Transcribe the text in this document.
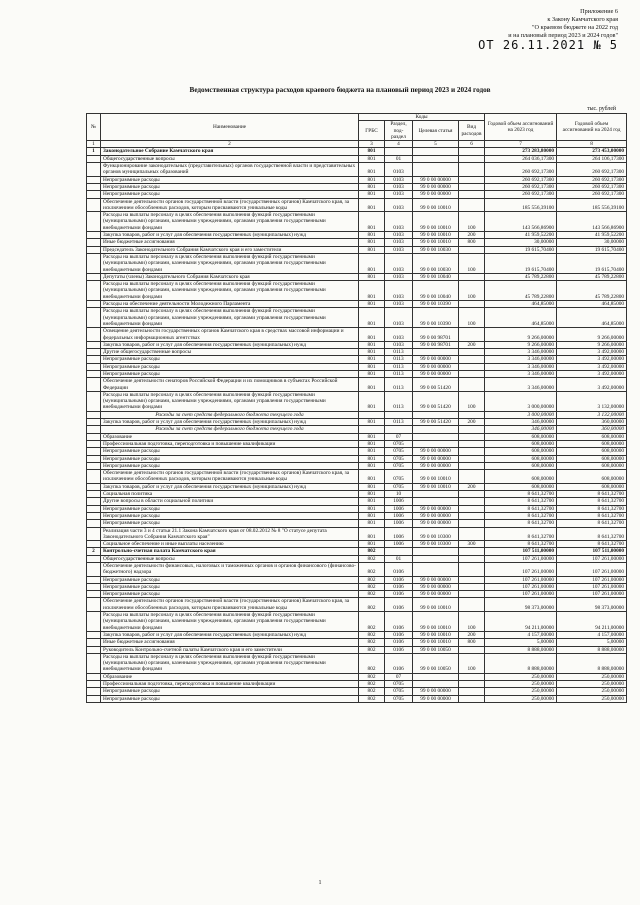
Приложение 6
к Закону Камчатского края
"О краевом бюджете на 2022 год
и на плановый период 2023 и 2024 годов"
ОТ 26.11.2021 № 5
Ведомственная структура расходов краевого бюджета на плановый период 2023 и 2024 годов
тыс. рублей
№	Наименование	Коды				Годовой объем ассигнований на 2023 год	Годовой объем ассигнований на 2024 год
		ГРБС	Раздел, под-раздел	Целевая статья	Вид расходов		
1	2	3	4	5	6	7	8
1	Законодательное Собрание Камчатского края	801				273 283,80000	273 453,00000
	Общегосударственные вопросы	801	01			264 036,17300	264 106,17300
	Функционирование законодательных (представительных) органов государственной власти и представительных органов муниципальных образований	801	0103			260 692,17300	260 692,17300
	Непрограммные расходы	801	0103	99 0 00 00000		260 692,17300	260 692,17300
	Непрограммные расходы	801	0103	99 0 00 00000		260 692,17300	260 692,17300
	Непрограммные расходы	801	0103	99 0 00 00000		260 692,17300	260 692,17300
	Обеспечение деятельности органов государственной власти (государственных органов) Камчатского края, за исключением обособленных расходов, которым присваиваются уникальные коды	801	0103	99 0 00 10010		185 556,39100	185 556,39100
	Расходы на выплаты персоналу в целях обеспечения выполнения функций государственными (муниципальными) органами, казенными учреждениями, органами управления государственными внебюджетными фондами	801	0103	99 0 00 10010	100	143 566,86900	143 566,86900
	Закупка товаров, работ и услуг для обеспечения государственных (муниципальных) нужд	801	0103	99 0 00 10010	200	41 959,52200	41 959,52200
	Иные бюджетные ассигнования	801	0103	99 0 00 10010	800	30,00000	30,00000
	Председатель Законодательного Собрания Камчатского края и его заместители	801	0103	99 0 00 10030		19 615,70400	19 615,70400
	Расходы на выплаты персоналу в целях обеспечения выполнения функций государственными (муниципальными) органами, казенными учреждениями, органами управления государственными внебюджетными фондами	801	0103	99 0 00 10030	100	19 615,70400	19 615,70400
	Депутаты (члены) Законодательного Собрания Камчатского края	801	0103	99 0 00 10040		45 789,22800	45 789,22800
	Расходы на выплаты персоналу в целях обеспечения выполнения функций государственными (муниципальными) органами, казенными учреждениями, органами управления государственными внебюджетными фондами	801	0103	99 0 00 10040	100	45 789,22800	45 789,22800
	Расходы на обеспечение деятельности Молодежного Парламента	801	0103	99 0 00 10390		464,85000	464,85000
	Расходы на выплаты персоналу в целях обеспечения выполнения функций государственными (муниципальными) органами, казенными учреждениями, органами управления государственными внебюджетными фондами	801	0103	99 0 00 10390	100	464,85000	464,85000
	Освещение деятельности государственных органов Камчатского края в средствах массовой информации и федеральных информационных агентствах	801	0103	99 0 00 98701		9 266,00000	9 266,00000
	Закупка товаров, работ и услуг для обеспечения государственных (муниципальных) нужд	801	0103	99 0 00 98701	200	9 266,00000	9 266,00000
	Другие общегосударственные вопросы	801	0113			3 346,00000	3 492,00000
	Непрограммные расходы	801	0113	99 0 00 00000		3 346,00000	3 492,00000
	Непрограммные расходы	801	0113	99 0 00 00000		3 346,00000	3 492,00000
	Непрограммные расходы	801	0113	99 0 00 00000		3 346,00000	3 492,00000
	Обеспечение деятельности сенаторов Российской Федерации и их помощников в субъектах Российской Федерации	801	0113	99 0 00 51420		3 346,00000	3 492,00000
	Расходы на выплаты персоналу в целях обеспечения выполнения функций государственными (муниципальными) органами, казенными учреждениями, органами управления государственными внебюджетными фондами	801	0113	99 0 00 51420	100	3 000,00000	3 132,00000
	Расходы за счет средств федерального бюджета текущего года					3 000,00000	3 132,00000
	Закупка товаров, работ и услуг для обеспечения государственных (муниципальных) нужд	801	0113	99 0 00 51420	200	346,00000	360,00000
	Расходы за счет средств федерального бюджета текущего года					346,00000	360,00000
	Образование	801	07			608,00000	608,00000
	Профессиональная подготовка, переподготовка и повышение квалификации	801	0705			608,00000	608,00000
	Непрограммные расходы	801	0705	99 0 00 00000		608,00000	608,00000
	Непрограммные расходы	801	0705	99 0 00 00000		608,00000	608,00000
	Непрограммные расходы	801	0705	99 0 00 00000		608,00000	608,00000
	Обеспечение деятельности органов государственной власти (государственных органов) Камчатского края, за исключением обособленных расходов, которым присваиваются уникальные коды	801	0705	99 0 00 10010		608,00000	608,00000
	Закупка товаров, работ и услуг для обеспечения государственных (муниципальных) нужд	801	0705	99 0 00 10010	200	608,00000	608,00000
	Социальная политика	801	10			8 641,32700	8 641,32700
	Другие вопросы в области социальной политики	801	1006			8 641,32700	8 641,32700
	Непрограммные расходы	801	1006	99 0 00 00000		8 641,32700	8 641,32700
	Непрограммные расходы	801	1006	99 0 00 00000		8 641,32700	8 641,32700
	Непрограммные расходы	801	1006	99 0 00 00000		8 641,32700	8 641,32700
	Реализация части 3 и 4 статьи 21.1 Закона Камчатского края от 08.02.2012 № 8 "О статусе депутата Законодательного Собрания Камчатского края"	801	1006	99 0 00 10300		8 641,32700	8 641,32700
	Социальное обеспечение и иные выплаты населению	801	1006	99 0 00 10300	300	8 641,32700	8 641,32700
2	Контрольно-счетная палата Камчатского края	802				107 511,00000	107 511,00000
	Общегосударственные вопросы	802	01			107 261,00000	107 261,00000
	Обеспечение деятельности финансовых, налоговых и таможенных органов и органов финансового (финансово-бюджетного) надзора	802	0106			107 261,00000	107 261,00000
	Непрограммные расходы	802	0106	99 0 00 00000		107 261,00000	107 261,00000
	Непрограммные расходы	802	0106	99 0 00 00000		107 261,00000	107 261,00000
	Непрограммные расходы	802	0106	99 0 00 00000		107 261,00000	107 261,00000
	Обеспечение деятельности органов государственной власти (государственных органов) Камчатского края, за исключением обособленных расходов, которым присваиваются уникальные коды	802	0106	99 0 00 10010		98 373,00000	98 373,00000
	Расходы на выплаты персоналу в целях обеспечения выполнения функций государственными (муниципальными) органами, казенными учреждениями, органами управления государственными внебюджетными фондами	802	0106	99 0 00 10010	100	94 211,00000	94 211,00000
	Закупка товаров, работ и услуг для обеспечения государственных (муниципальных) нужд	802	0106	99 0 00 10010	200	4 157,00000	4 157,00000
	Иные бюджетные ассигнования	802	0106	99 0 00 10010	800	5,00000	5,00000
	Руководитель Контрольно-счетной палаты Камчатского края и его заместители	802	0106	99 0 00 10050		8 888,00000	8 888,00000
	Расходы на выплаты персоналу в целях обеспечения выполнения функций государственными (муниципальными) органами, казенными учреждениями, органами управления государственными внебюджетными фондами	802	0106	99 0 00 10050	100	8 888,00000	8 888,00000
	Образование	802	07			250,00000	250,00000
	Профессиональная подготовка, переподготовка и повышение квалификации	802	0705			250,00000	250,00000
	Непрограммные расходы	802	0705	99 0 00 00000		250,00000	250,00000
	Непрограммные расходы	802	0705	99 0 00 00000		250,00000	250,00000
1
